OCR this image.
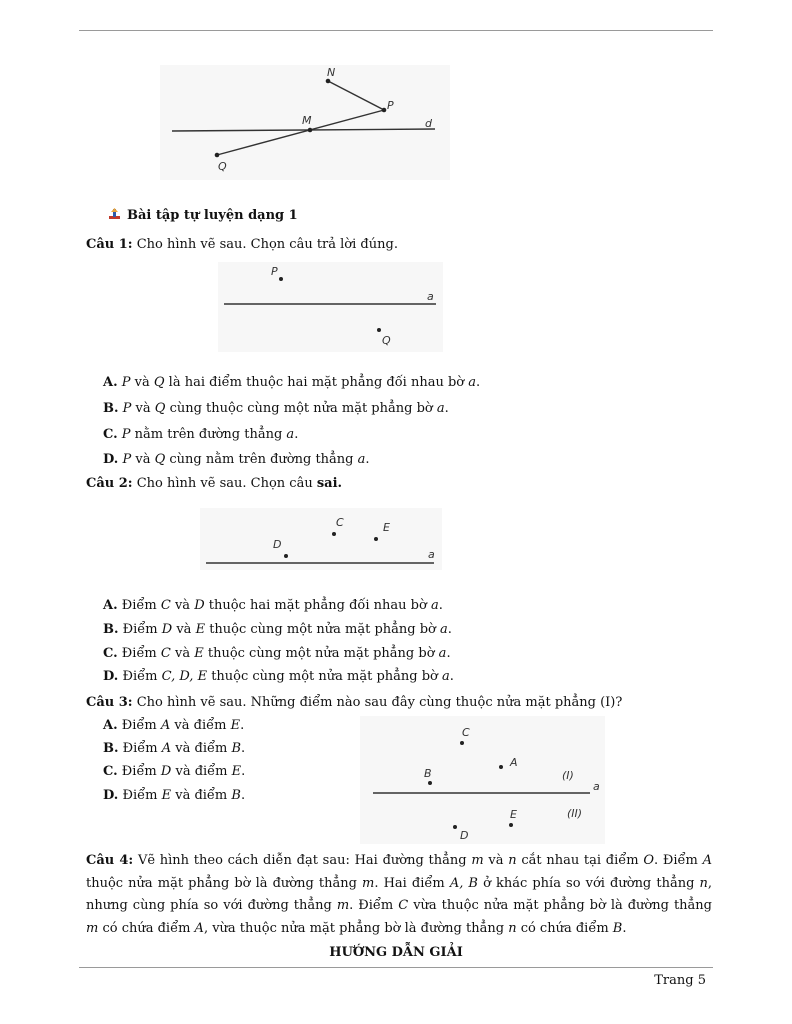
N
P
M	d
Q
Bài tập tự luyện dạng 1
Câu 1: Cho hình vẽ sau. Chọn câu trả lời đúng.
P
a
Q
A. P và Q là hai điểm thuộc hai mặt phẳng đối nhau bờ a.
B. P và Q cùng thuộc cùng một nửa mặt phẳng bờ a.
C. P nằm trên đường thẳng a.
D. P và Q cùng nằm trên đường thẳng a.
Câu 2: Cho hình vẽ sau. Chọn câu sai.
C	E
D
a
A. Điểm C và D thuộc hai mặt phẳng đối nhau bờ a.
B. Điểm D và E thuộc cùng một nửa mặt phẳng bờ a.
C. Điểm C và E thuộc cùng một nửa mặt phẳng bờ a.
D. Điểm C, D, E thuộc cùng một nửa mặt phẳng bờ a.
Câu 3: Cho hình vẽ sau. Những điểm nào sau đây cùng thuộc nửa mặt phẳng (I)?
C
A
B	(I)
a
E	(II)
D
A. Điểm A và điểm E.
B. Điểm A và điểm B.
C. Điểm D và điểm E.
D. Điểm E và điểm B.
Câu 4: Vẽ hình theo cách diễn đạt sau: Hai đường thẳng m và n cắt nhau tại điểm O. Điểm A thuộc nửa mặt phẳng bờ là đường thẳng m. Hai điểm A, B ở khác phía so với đường thẳng n, nhưng cùng phía so với đường thẳng m. Điểm C vừa thuộc nửa mặt phẳng bờ là đường thẳng m có chứa điểm A, vừa thuộc nửa mặt phẳng bờ là đường thẳng n có chứa điểm B.
HƯỚNG DẪN GIẢI
Trang 5
